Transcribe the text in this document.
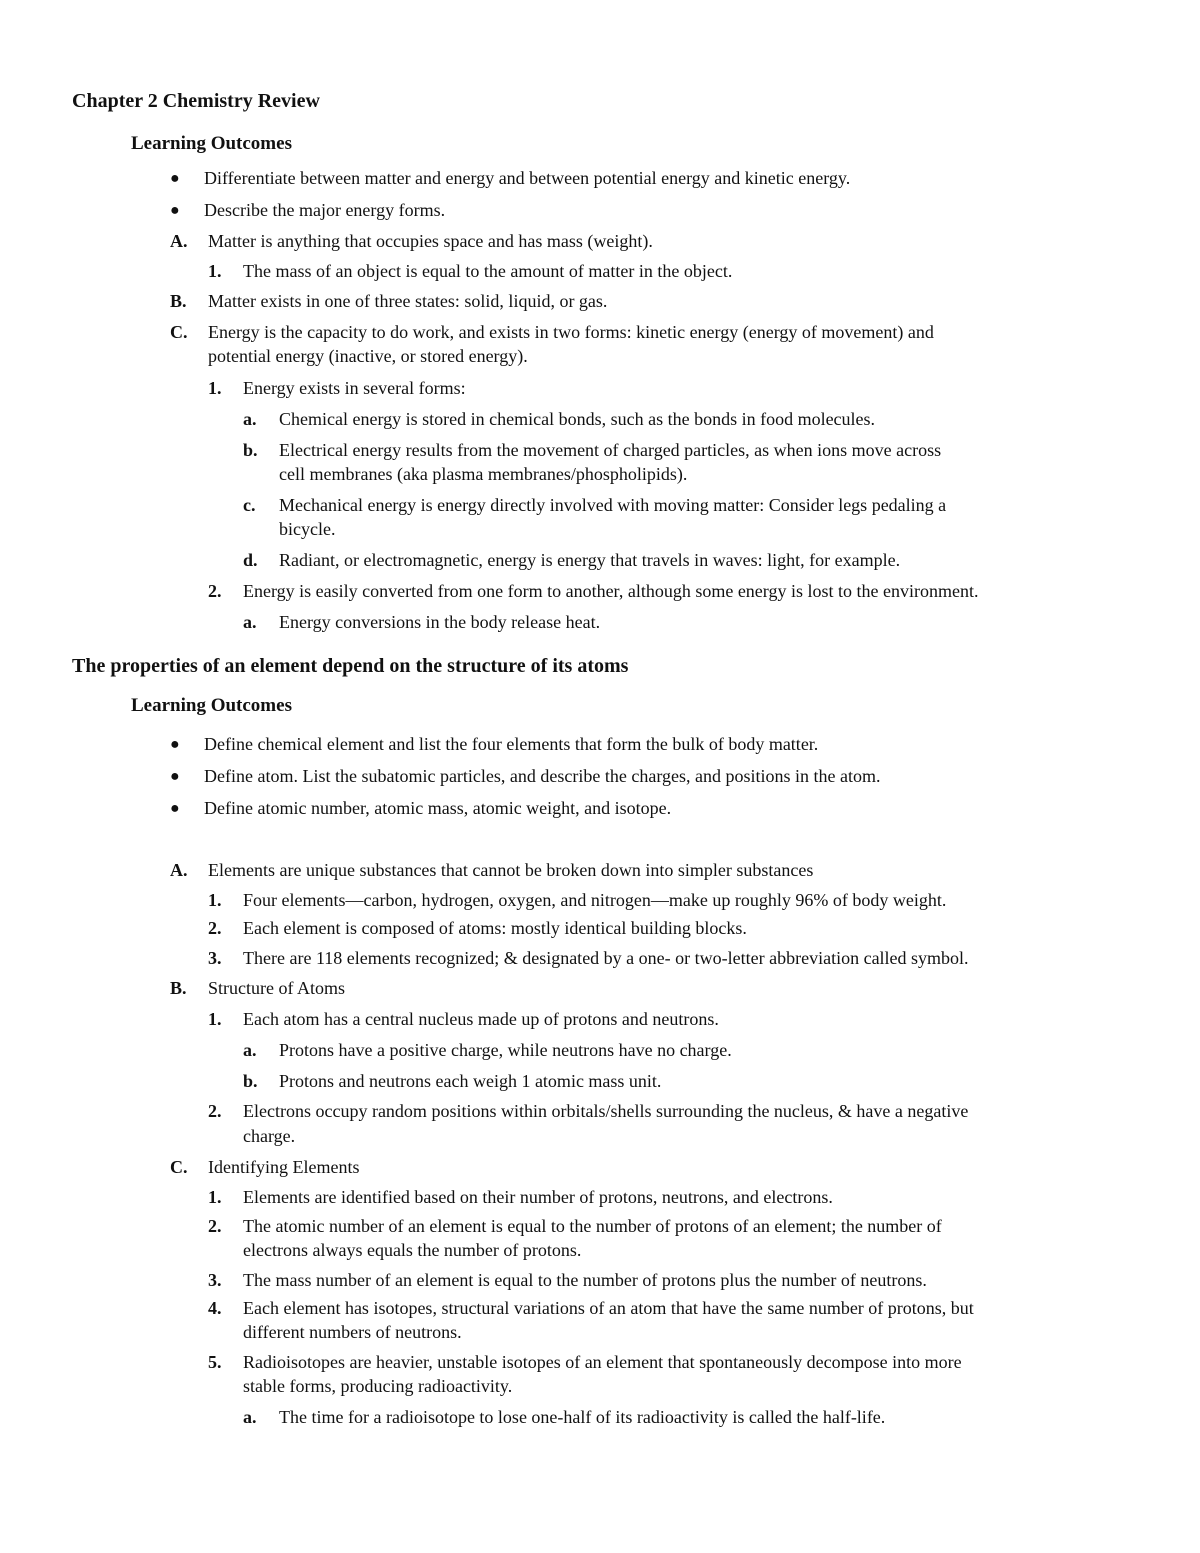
Chapter 2 Chemistry Review
Learning Outcomes
● Differentiate between matter and energy and between potential energy and kinetic energy.
● Describe the major energy forms.
A. Matter is anything that occupies space and has mass (weight).
1. The mass of an object is equal to the amount of matter in the object.
B. Matter exists in one of three states: solid, liquid, or gas.
C. Energy is the capacity to do work, and exists in two forms: kinetic energy (energy of movement) and
potential energy (inactive, or stored energy).
1. Energy exists in several forms:
a. Chemical energy is stored in chemical bonds, such as the bonds in food molecules.
b. Electrical energy results from the movement of charged particles, as when ions move across
cell membranes (aka plasma membranes/phospholipids).
c. Mechanical energy is energy directly involved with moving matter: Consider legs pedaling a
bicycle.
d. Radiant, or electromagnetic, energy is energy that travels in waves: light, for example.
2. Energy is easily converted from one form to another, although some energy is lost to the environment.
a. Energy conversions in the body release heat.
The properties of an element depend on the structure of its atoms
Learning Outcomes
● Define chemical element and list the four elements that form the bulk of body matter.
● Define atom. List the subatomic particles, and describe the charges, and positions in the atom.
● Define atomic number, atomic mass, atomic weight, and isotope.
A. Elements are unique substances that cannot be broken down into simpler substances
1. Four elements—carbon, hydrogen, oxygen, and nitrogen—make up roughly 96% of body weight.
2. Each element is composed of atoms: mostly identical building blocks.
3. There are 118 elements recognized; & designated by a one- or two-letter abbreviation called symbol.
B. Structure of Atoms
1. Each atom has a central nucleus made up of protons and neutrons.
a. Protons have a positive charge, while neutrons have no charge.
b. Protons and neutrons each weigh 1 atomic mass unit.
2. Electrons occupy random positions within orbitals/shells surrounding the nucleus, & have a negative
charge.
C. Identifying Elements
1. Elements are identified based on their number of protons, neutrons, and electrons.
2. The atomic number of an element is equal to the number of protons of an element; the number of
electrons always equals the number of protons.
3. The mass number of an element is equal to the number of protons plus the number of neutrons.
4. Each element has isotopes, structural variations of an atom that have the same number of protons, but
different numbers of neutrons.
5. Radioisotopes are heavier, unstable isotopes of an element that spontaneously decompose into more
stable forms, producing radioactivity.
a. The time for a radioisotope to lose one-half of its radioactivity is called the half-life.
